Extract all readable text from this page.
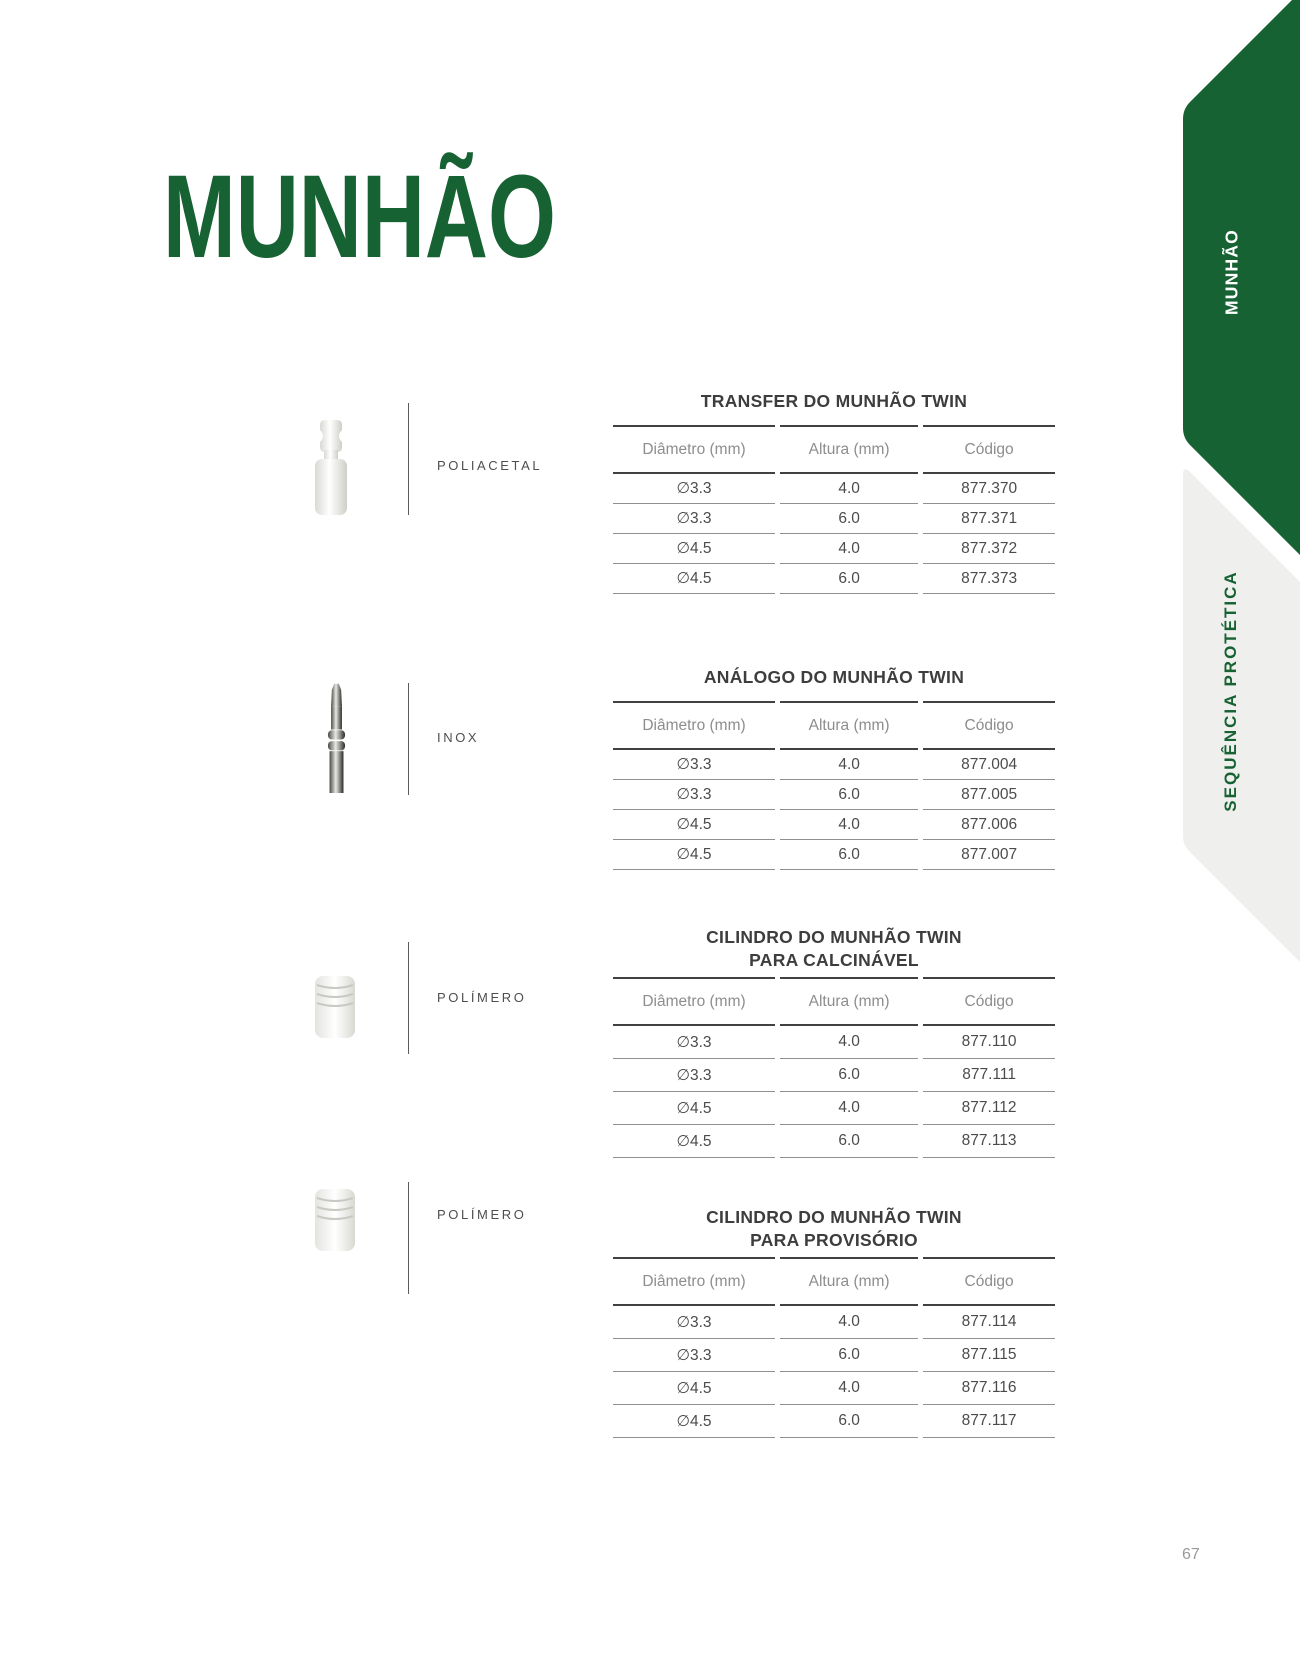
MUNHÃO
SEQUÊNCIA PROTÉTICA
MUNHÃO
POLIACETAL
TRANSFER DO MUNHÃO TWIN
Diâmetro (mm)	Altura (mm)	Código
∅3.3	4.0	877.370
∅3.3	6.0	877.371
∅4.5	4.0	877.372
∅4.5	6.0	877.373
INOX
ANÁLOGO DO MUNHÃO TWIN
Diâmetro (mm)	Altura (mm)	Código
∅3.3	4.0	877.004
∅3.3	6.0	877.005
∅4.5	4.0	877.006
∅4.5	6.0	877.007
POLÍMERO
CILINDRO DO MUNHÃO TWIN
PARA CALCINÁVEL
Diâmetro (mm)	Altura (mm)	Código
∅3.3	4.0	877.110
∅3.3	6.0	877.111
∅4.5	4.0	877.112
∅4.5	6.0	877.113
POLÍMERO	CILINDRO DO MUNHÃO TWIN
PARA PROVISÓRIO
Diâmetro (mm)	Altura (mm)	Código
∅3.3	4.0	877.114
∅3.3	6.0	877.115
∅4.5	4.0	877.116
∅4.5	6.0	877.117
67
